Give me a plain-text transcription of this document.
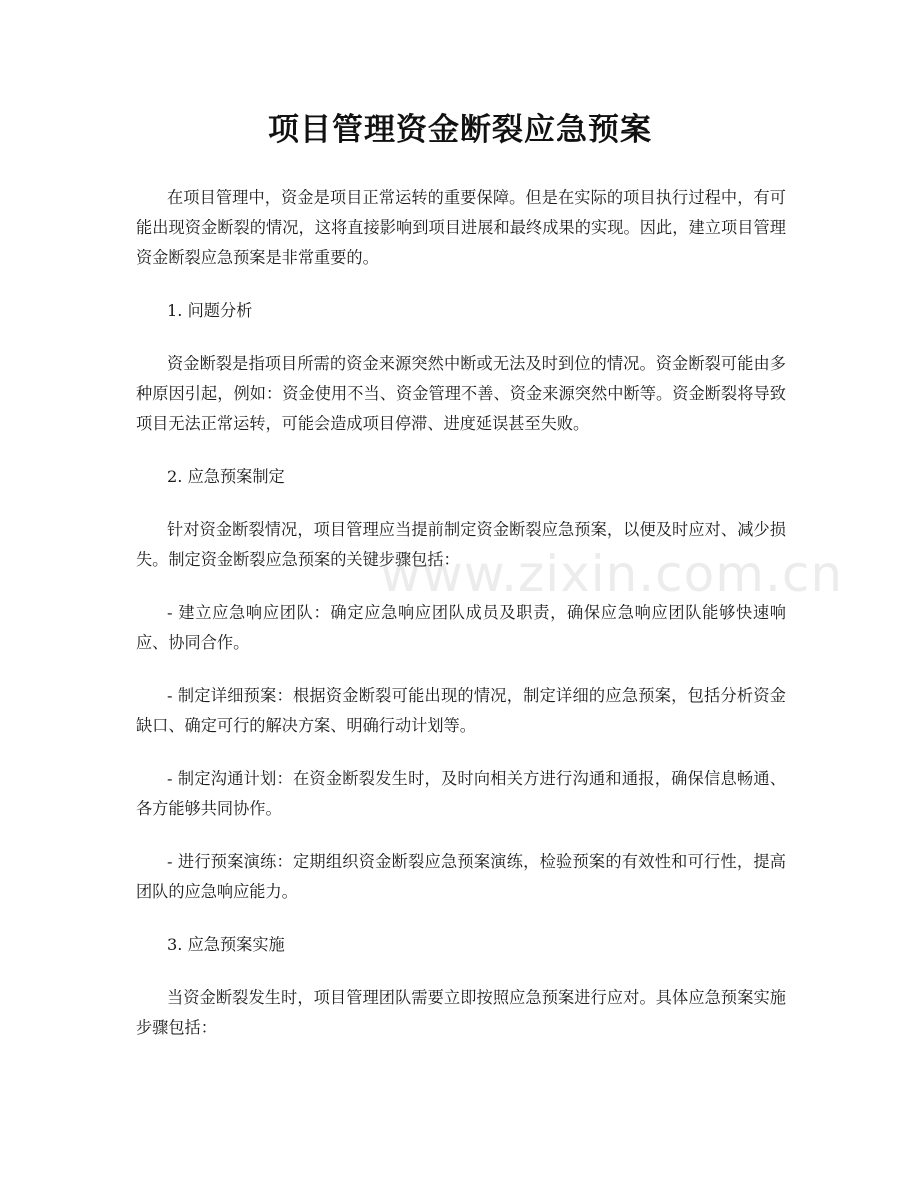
项目管理资金断裂应急预案

在项目管理中，资金是项目正常运转的重要保障。但是在实际的项目执行过程中，有可能出现资金断裂的情况，这将直接影响到项目进展和最终成果的实现。因此，建立项目管理资金断裂应急预案是非常重要的。

1. 问题分析

资金断裂是指项目所需的资金来源突然中断或无法及时到位的情况。资金断裂可能由多种原因引起，例如：资金使用不当、资金管理不善、资金来源突然中断等。资金断裂将导致项目无法正常运转，可能会造成项目停滞、进度延误甚至失败。

2. 应急预案制定

针对资金断裂情况，项目管理应当提前制定资金断裂应急预案，以便及时应对、减少损失。制定资金断裂应急预案的关键步骤包括：

- 建立应急响应团队：确定应急响应团队成员及职责，确保应急响应团队能够快速响应、协同合作。

- 制定详细预案：根据资金断裂可能出现的情况，制定详细的应急预案，包括分析资金缺口、确定可行的解决方案、明确行动计划等。

- 制定沟通计划：在资金断裂发生时，及时向相关方进行沟通和通报，确保信息畅通、各方能够共同协作。

- 进行预案演练：定期组织资金断裂应急预案演练，检验预案的有效性和可行性，提高团队的应急响应能力。

3. 应急预案实施

当资金断裂发生时，项目管理团队需要立即按照应急预案进行应对。具体应急预案实施步骤包括：

www.zixin.com.cn
